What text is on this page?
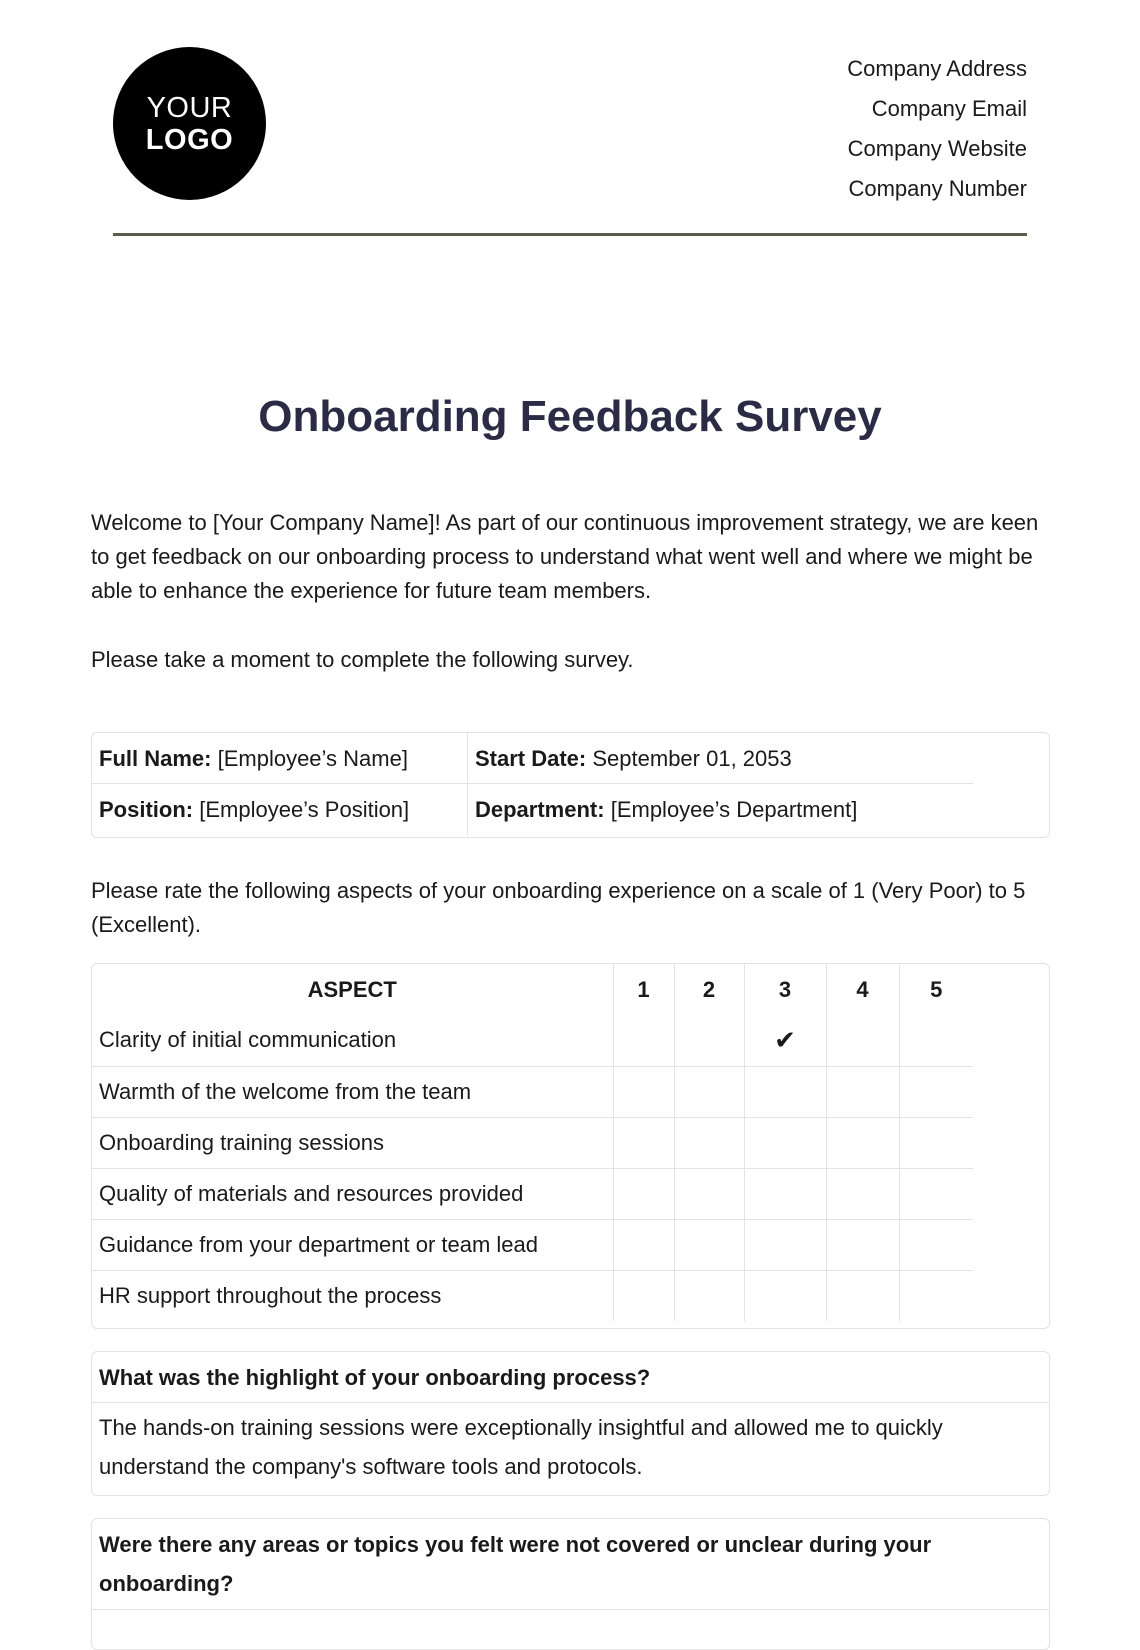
YOUR
LOGO
Company Address
Company Email
Company Website
Company Number
Onboarding Feedback Survey
Welcome to [Your Company Name]! As part of our continuous improvement strategy, we are keen to get feedback on our onboarding process to understand what went well and where we might be able to enhance the experience for future team members.
Please take a moment to complete the following survey.
Full Name: [Employee’s Name]	Start Date: September 01, 2053
Position: [Employee’s Position]	Department: [Employee’s Department]
Please rate the following aspects of your onboarding experience on a scale of 1 (Very Poor) to 5 (Excellent).
ASPECT	1	2	3	4	5
Clarity of initial communication			✔		
Warmth of the welcome from the team					
Onboarding training sessions					
Quality of materials and resources provided					
Guidance from your department or team lead					
HR support throughout the process					
What was the highlight of your onboarding process?
The hands-on training sessions were exceptionally insightful and allowed me to quickly understand the company's software tools and protocols.
Were there any areas or topics you felt were not covered or unclear during your onboarding?
